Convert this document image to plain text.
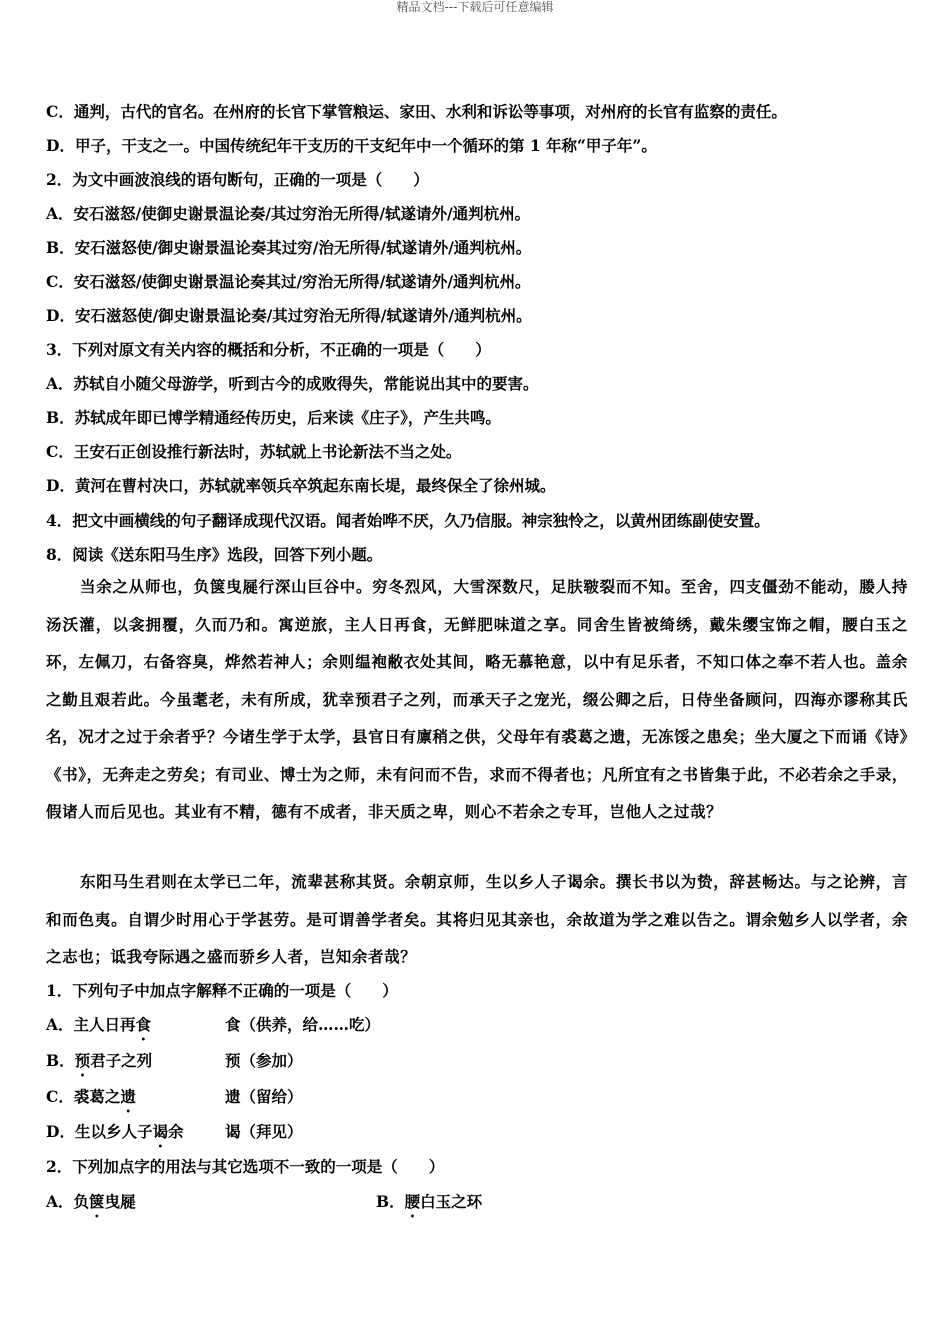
精品文档---下载后可任意编辑
C．通判，古代的官名。在州府的长官下掌管粮运、家田、水利和诉讼等事项，对州府的长官有监察的责任。
D．甲子，干支之一。中国传统纪年干支历的干支纪年中一个循环的第 1 年称“甲子年”。
2．为文中画波浪线的语句断句，正确的一项是（　　）
A．安石滋怒/使御史谢景温论奏/其过穷治无所得/轼遂请外/通判杭州。
B．安石滋怒使/御史谢景温论奏其过穷/治无所得/轼遂请外/通判杭州。
C．安石滋怒/使御史谢景温论奏其过/穷治无所得/轼遂请外/通判杭州。
D．安石滋怒使/御史谢景温论奏/其过穷治无所得/轼遂请外/通判杭州。
3．下列对原文有关内容的概括和分析，不正确的一项是（　　）
A．苏轼自小随父母游学，听到古今的成败得失，常能说出其中的要害。
B．苏轼成年即已博学精通经传历史，后来读《庄子》，产生共鸣。
C．王安石正创设推行新法时，苏轼就上书论新法不当之处。
D．黄河在曹村决口，苏轼就率领兵卒筑起东南长堤，最终保全了徐州城。
4．把文中画横线的句子翻译成现代汉语。闻者始哗不厌，久乃信服。神宗独怜之，以黄州团练副使安置。
8．阅读《送东阳马生序》选段，回答下列小题。
当余之从师也，负箧曳屣行深山巨谷中。穷冬烈风，大雪深数尺，足肤皲裂而不知。至舍，四支僵劲不能动，媵人持汤沃灌，以衾拥覆，久而乃和。寓逆旅，主人日再食，无鲜肥味道之享。同舍生皆被绮绣，戴朱缨宝饰之帽，腰白玉之环，左佩刀，右备容臭，烨然若神人；余则缊袍敝衣处其间，略无慕艳意，以中有足乐者，不知口体之奉不若人也。盖余之勤且艰若此。今虽耄老，未有所成，犹幸预君子之列，而承天子之宠光，缀公卿之后，日侍坐备顾问，四海亦谬称其氏名，况才之过于余者乎？今诸生学于太学，县官日有廪稍之供，父母年有裘葛之遗，无冻馁之患矣；坐大厦之下而诵《诗》《书》，无奔走之劳矣；有司业、博士为之师，未有问而不告，求而不得者也；凡所宜有之书皆集于此，不必若余之手录，假诸人而后见也。其业有不精，德有不成者，非天质之卑，则心不若余之专耳，岂他人之过哉？
东阳马生君则在太学已二年，流辈甚称其贤。余朝京师，生以乡人子谒余。撰长书以为贽，辞甚畅达。与之论辨，言和而色夷。自谓少时用心于学甚劳。是可谓善学者矣。其将归见其亲也，余故道为学之难以告之。谓余勉乡人以学者，余之志也；诋我夸际遇之盛而骄乡人者，岂知余者哉？
1．下列句子中加点字解释不正确的一项是（　　）
A．主人日再食	食（供养，给……吃）
B．预君子之列	预（参加）
C．裘葛之遗	遗（留给）
D．生以乡人子谒余	谒（拜见）
2．下列加点字的用法与其它选项不一致的一项是（　　）
A．负箧曳屣	B．腰白玉之环
